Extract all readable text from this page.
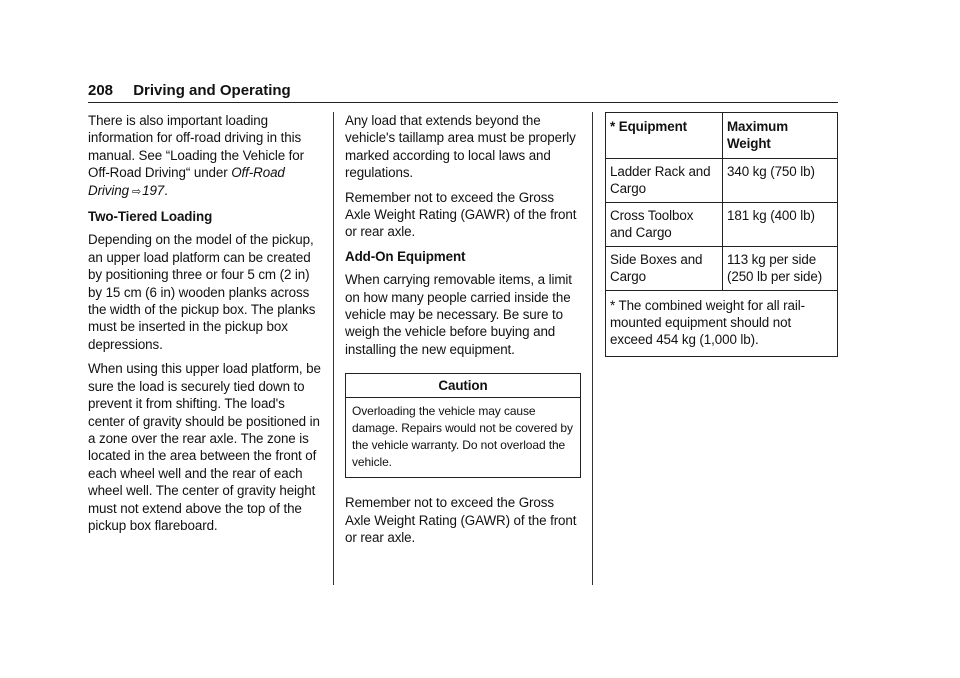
208 Driving and Operating

There is also important loading information for off-road driving in this manual. See “Loading the Vehicle for Off-Road Driving“ under Off-Road Driving ⇨197.

Two-Tiered Loading

Depending on the model of the pickup, an upper load platform can be created by positioning three or four 5 cm (2 in) by 15 cm (6 in) wooden planks across the width of the pickup box. The planks must be inserted in the pickup box depressions.

When using this upper load platform, be sure the load is securely tied down to prevent it from shifting. The load's center of gravity should be positioned in a zone over the rear axle. The zone is located in the area between the front of each wheel well and the rear of each wheel well. The center of gravity height must not extend above the top of the pickup box flareboard.

Any load that extends beyond the vehicle's taillamp area must be properly marked according to local laws and regulations.

Remember not to exceed the Gross Axle Weight Rating (GAWR) of the front or rear axle.

Add-On Equipment

When carrying removable items, a limit on how many people carried inside the vehicle may be necessary. Be sure to weigh the vehicle before buying and installing the new equipment.

Caution
Overloading the vehicle may cause damage. Repairs would not be covered by the vehicle warranty. Do not overload the vehicle.

Remember not to exceed the Gross Axle Weight Rating (GAWR) of the front or rear axle.

* Equipment	Maximum Weight
Ladder Rack and Cargo	340 kg (750 lb)
Cross Toolbox and Cargo	181 kg (400 lb)
Side Boxes and Cargo	113 kg per side (250 lb per side)
* The combined weight for all rail-mounted equipment should not exceed 454 kg (1,000 lb).	
